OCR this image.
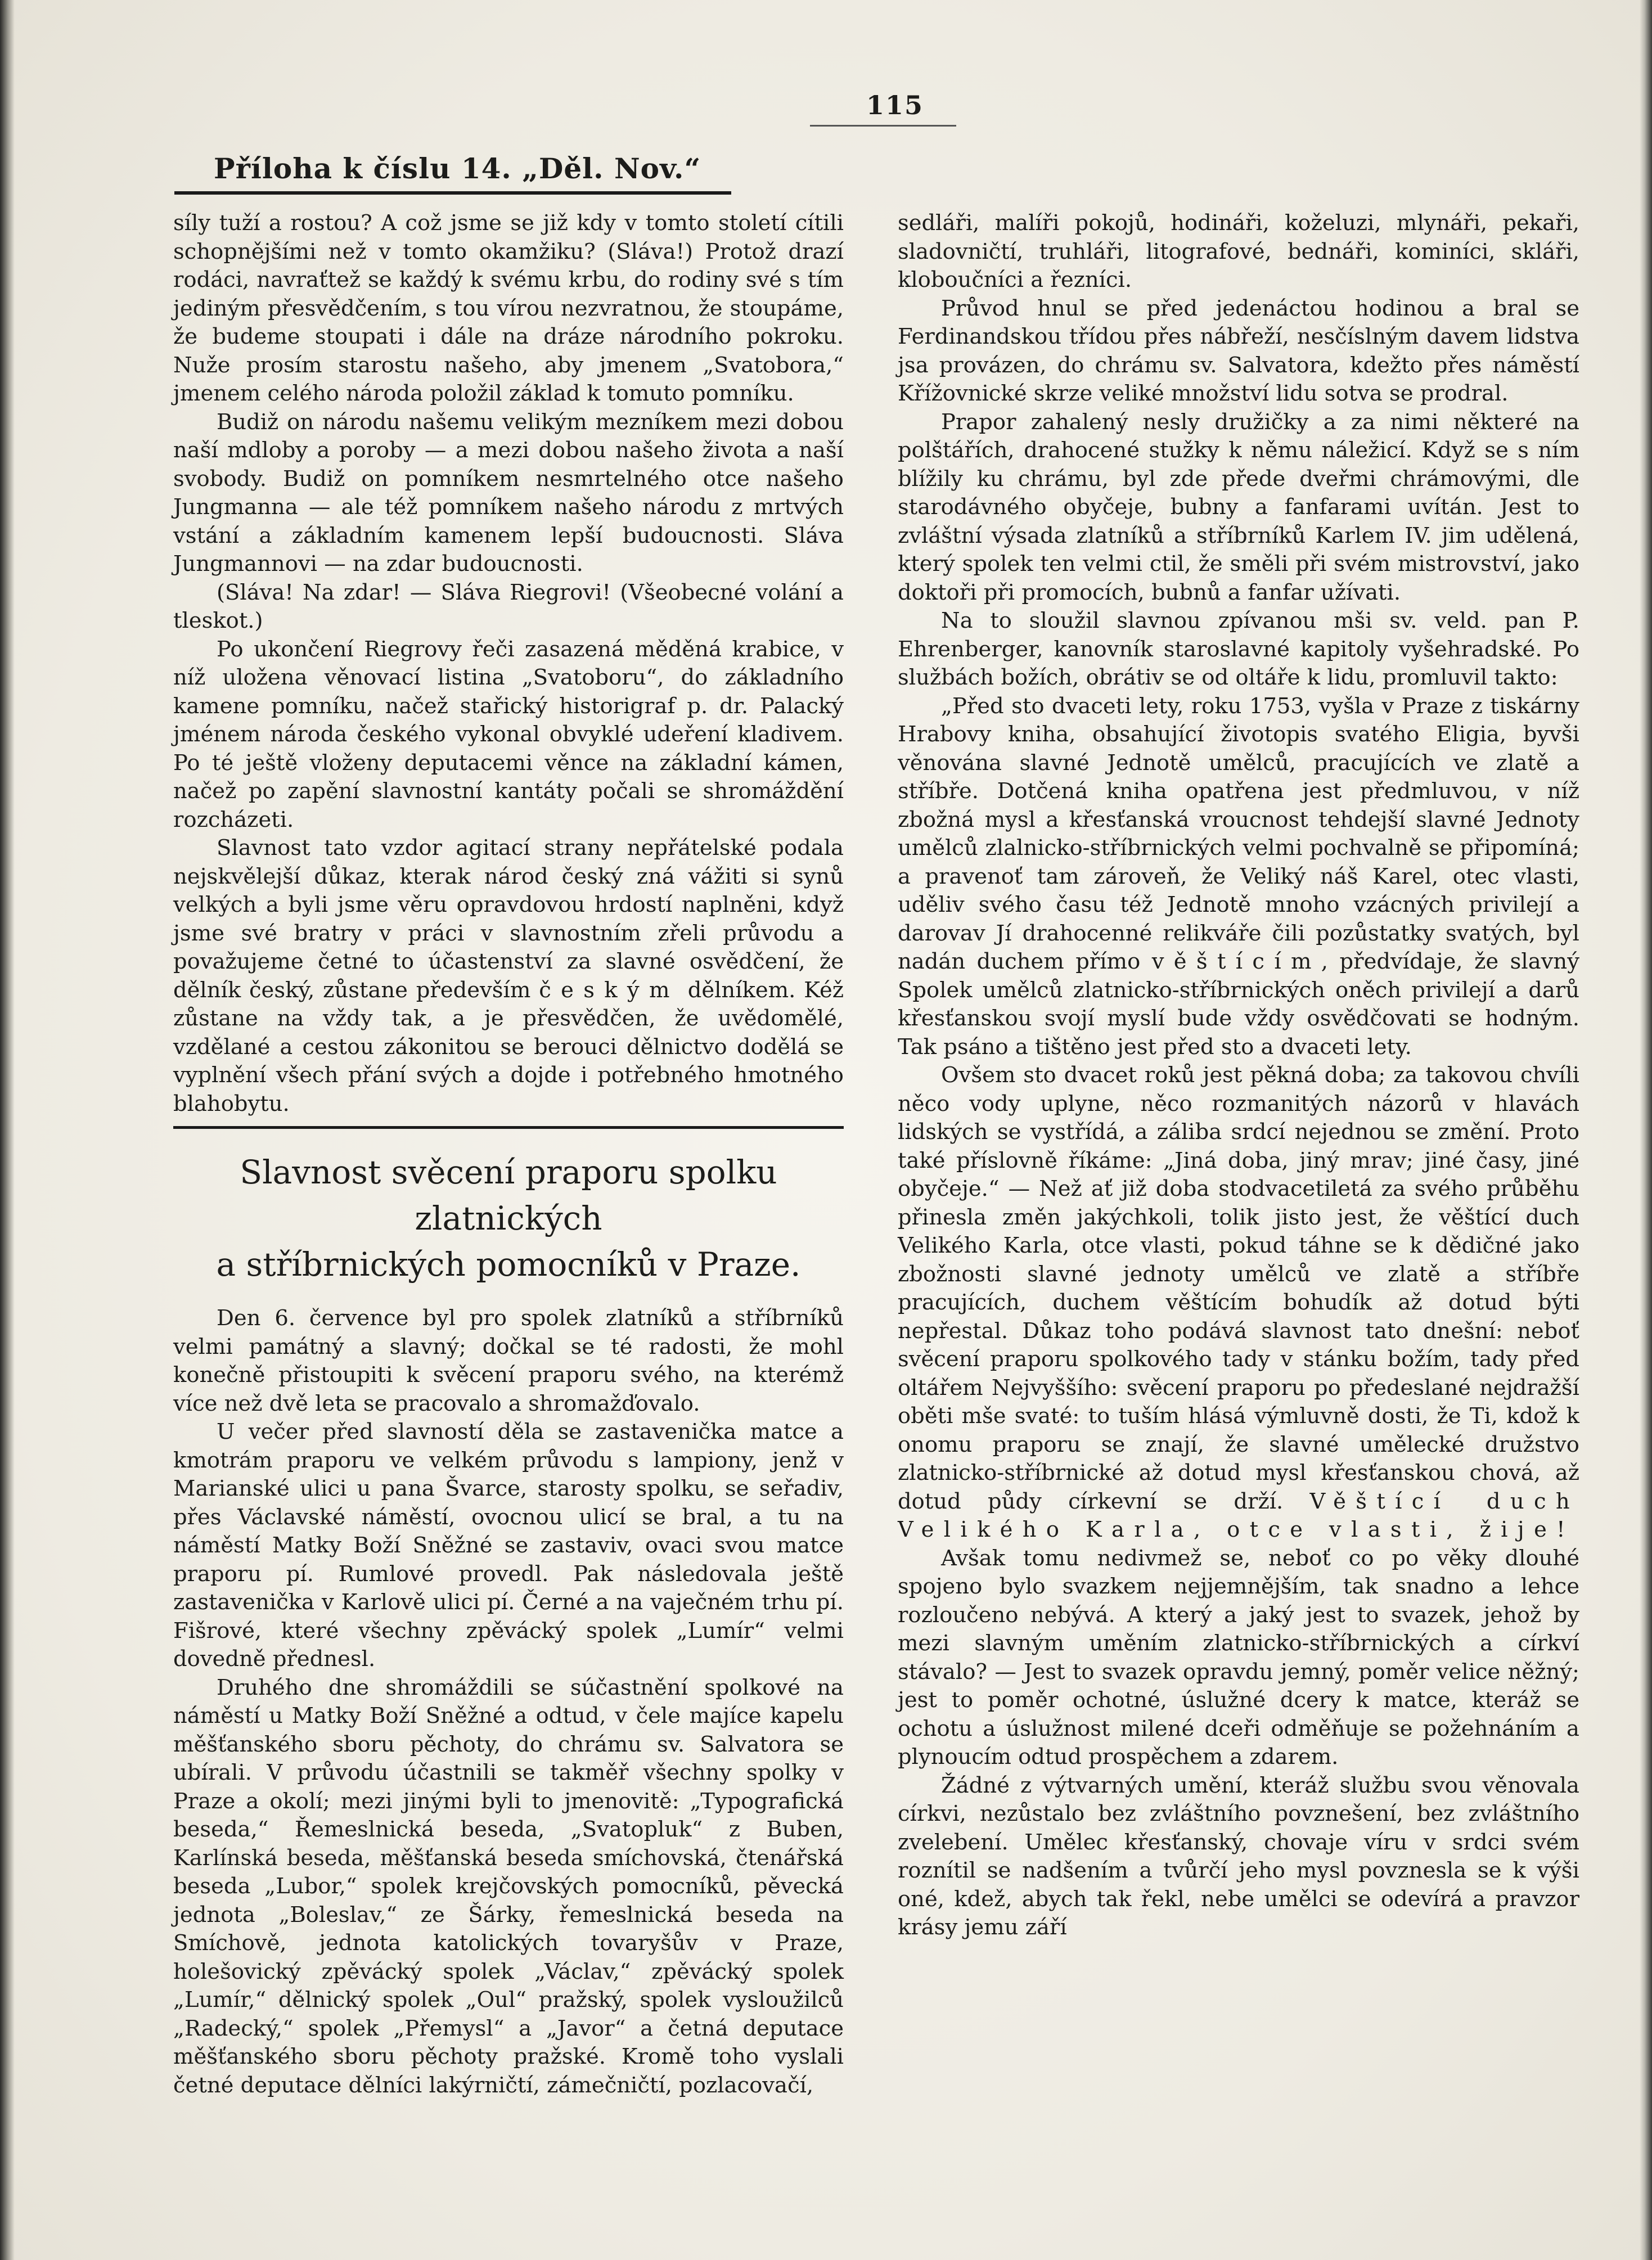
115
Příloha k číslu 14. „Děl. Nov.“

síly tuží a rostou? A což jsme se již kdy v tomto století cítili schopnějšími než v tomto okamžiku? (Sláva!) Protož drazí rodáci, navraťtež se každý k svému krbu, do rodiny své s tím jediným přesvědčením, s tou vírou nezvratnou, že stoupáme, že budeme stoupati i dále na dráze národního pokroku. Nuže prosím starostu našeho, aby jmenem „Svatobora,“ jmenem celého národa položil základ k tomuto pomníku.

Budiž on národu našemu velikým mezníkem mezi dobou naší mdloby a poroby — a mezi dobou našeho života a naší svobody. Budiž on pomníkem nesmrtelného otce našeho Jungmanna — ale též pomníkem našeho národu z mrtvých vstání a základním kamenem lepší budoucnosti. Sláva Jungmannovi — na zdar budoucnosti.

(Sláva! Na zdar! — Sláva Riegrovi! (Všeobecné volání a tleskot.)

Po ukončení Riegrovy řeči zasazená měděná krabice, v níž uložena věnovací listina „Svatoboru“, do základního kamene pomníku, načež stařický historigraf p. dr. Palacký jménem národa českého vykonal obvyklé udeření kladivem. Po té ještě vloženy deputacemi věnce na základní kámen, načež po zapění slavnostní kantáty počali se shromáždění rozcházeti.

Slavnost tato vzdor agitací strany nepřátelské podala nejskvělejší důkaz, kterak národ český zná vážiti si synů velkých a byli jsme věru opravdovou hrdostí naplněni, když jsme své bratry v práci v slavnostním zřeli průvodu a považujeme četné to účastenství za slavné osvědčení, že dělník český, zůstane především českým dělníkem. Kéž zůstane na vždy tak, a je přesvědčen, že uvědomělé, vzdělané a cestou zákonitou se berouci dělnictvo dodělá se vyplnění všech přání svých a dojde i potřebného hmotného blahobytu.

Slavnost svěcení praporu spolku zlatnických
a stříbrnických pomocníků v Praze.

Den 6. července byl pro spolek zlatníků a stříbrníků velmi památný a slavný; dočkal se té radosti, že mohl konečně přistoupiti k svěcení praporu svého, na kterémž více než dvě leta se pracovalo a shromažďovalo.

U večer před slavností děla se zastavenička matce a kmotrám praporu ve velkém průvodu s lampiony, jenž v Marianské ulici u pana Švarce, starosty spolku, se seřadiv, přes Václavské náměstí, ovocnou ulicí se bral, a tu na náměstí Matky Boží Sněžné se zastaviv, ovaci svou matce praporu pí. Rumlové provedl. Pak následovala ještě zastavenička v Karlově ulici pí. Černé a na vaječném trhu pí. Fišrové, které všechny zpěvácký spolek „Lumír“ velmi dovedně přednesl.

Druhého dne shromáždili se súčastnění spolkové na náměstí u Matky Boží Sněžné a odtud, v čele majíce kapelu měšťanského sboru pěchoty, do chrámu sv. Salvatora se ubírali. V průvodu účastnili se takměř všechny spolky v Praze a okolí; mezi jinými byli to jmenovitě: „Typografická beseda,“ Řemeslnická beseda, „Svatopluk“ z Buben, Karlínská beseda, měšťanská beseda smíchovská, čtenářská beseda „Lubor,“ spolek krejčovských pomocníků, pěvecká jednota „Boleslav,“ ze Šárky, řemeslnická beseda na Smíchově, jednota katolických tovaryšův v Praze, holešovický zpěvácký spolek „Václav,“ zpěvácký spolek „Lumír,“ dělnický spolek „Oul“ pražský, spolek vysloužilců „Radecký,“ spolek „Přemysl“ a „Javor“ a četná deputace měšťanského sboru pěchoty pražské. Kromě toho vyslali četné deputace dělníci lakýrničtí, zámečničtí, pozlacovačí,

sedláři, malíři pokojů, hodináři, koželuzi, mlynáři, pekaři, sladovničtí, truhláři, litografové, bednáři, kominíci, skláři, kloboučníci a řezníci.

Průvod hnul se před jedenáctou hodinou a bral se Ferdinandskou třídou přes nábřeží, nesčíslným davem lidstva jsa provázen, do chrámu sv. Salvatora, kdežto přes náměstí Křížovnické skrze veliké množství lidu sotva se prodral.

Prapor zahalený nesly družičky a za nimi některé na polštářích, drahocené stužky k němu náležicí. Když se s ním blížily ku chrámu, byl zde přede dveřmi chrámovými, dle starodávného obyčeje, bubny a fanfarami uvítán. Jest to zvláštní výsada zlatníků a stříbrníků Karlem IV. jim udělená, který spolek ten velmi ctil, že směli při svém mistrovství, jako doktoři při promocích, bubnů a fanfar užívati.

Na to sloužil slavnou zpívanou mši sv. veld. pan P. Ehrenberger, kanovník staroslavné kapitoly vyšehradské. Po službách božích, obrátiv se od oltáře k lidu, promluvil takto:

„Před sto dvaceti lety, roku 1753, vyšla v Praze z tiskárny Hrabovy kniha, obsahující životopis svatého Eligia, byvši věnována slavné Jednotě umělců, pracujících ve zlatě a stříbře. Dotčená kniha opatřena jest předmluvou, v níž zbožná mysl a křesťanská vroucnost tehdejší slavné Jednoty umělců zlalnicko-stříbrnických velmi pochvalně se připomíná; a pravenoť tam zároveň, že Veliký náš Karel, otec vlasti, uděliv svého času též Jednotě mnoho vzácných privilejí a darovav Jí drahocenné relikváře čili pozůstatky svatých, byl nadán duchem přímo věštícím, předvídaje, že slavný Spolek umělců zlatnicko-stříbrnických oněch privilejí a darů křesťanskou svojí myslí bude vždy osvědčovati se hodným. Tak psáno a tištěno jest před sto a dvaceti lety.

Ovšem sto dvacet roků jest pěkná doba; za takovou chvíli něco vody uplyne, něco rozmanitých názorů v hlavách lidských se vystřídá, a záliba srdcí nejednou se změní. Proto také příslovně říkáme: „Jiná doba, jiný mrav; jiné časy, jiné obyčeje.“ — Než ať již doba stodvacetiletá za svého průběhu přinesla změn jakýchkoli, tolik jisto jest, že věštící duch Velikého Karla, otce vlasti, pokud táhne se k dědičné jako zbožnosti slavné jednoty umělců ve zlatě a stříbře pracujících, duchem věštícím bohudík až dotud býti nepřestal. Důkaz toho podává slavnost tato dnešní: neboť svěcení praporu spolkového tady v stánku božím, tady před oltářem Nejvyššího: svěcení praporu po předeslané nejdražší oběti mše svaté: to tuším hlásá výmluvně dosti, že Ti, kdož k onomu praporu se znají, že slavné umělecké družstvo zlatnicko-stříbrnické až dotud mysl křesťanskou chová, až dotud půdy církevní se drží. Věštící duch Velikého Karla, otce vlasti, žije!

Avšak tomu nedivmež se, neboť co po věky dlouhé spojeno bylo svazkem nejjemnějším, tak snadno a lehce rozloučeno nebývá. A který a jaký jest to svazek, jehož by mezi slavným uměním zlatnicko-stříbrnických a církví stávalo? — Jest to svazek opravdu jemný, poměr velice něžný; jest to poměr ochotné, úslužné dcery k matce, kteráž se ochotu a úslužnost milené dceři odměňuje se požehnáním a plynoucím odtud prospěchem a zdarem.

Žádné z výtvarných umění, kteráž službu svou věnovala církvi, nezůstalo bez zvláštního povznešení, bez zvláštního zvelebení. Umělec křesťanský, chovaje víru v srdci svém roznítil se nadšením a tvůrčí jeho mysl povznesla se k výši oné, kdež, abych tak řekl, nebe umělci se odevírá a pravzor krásy jemu září
